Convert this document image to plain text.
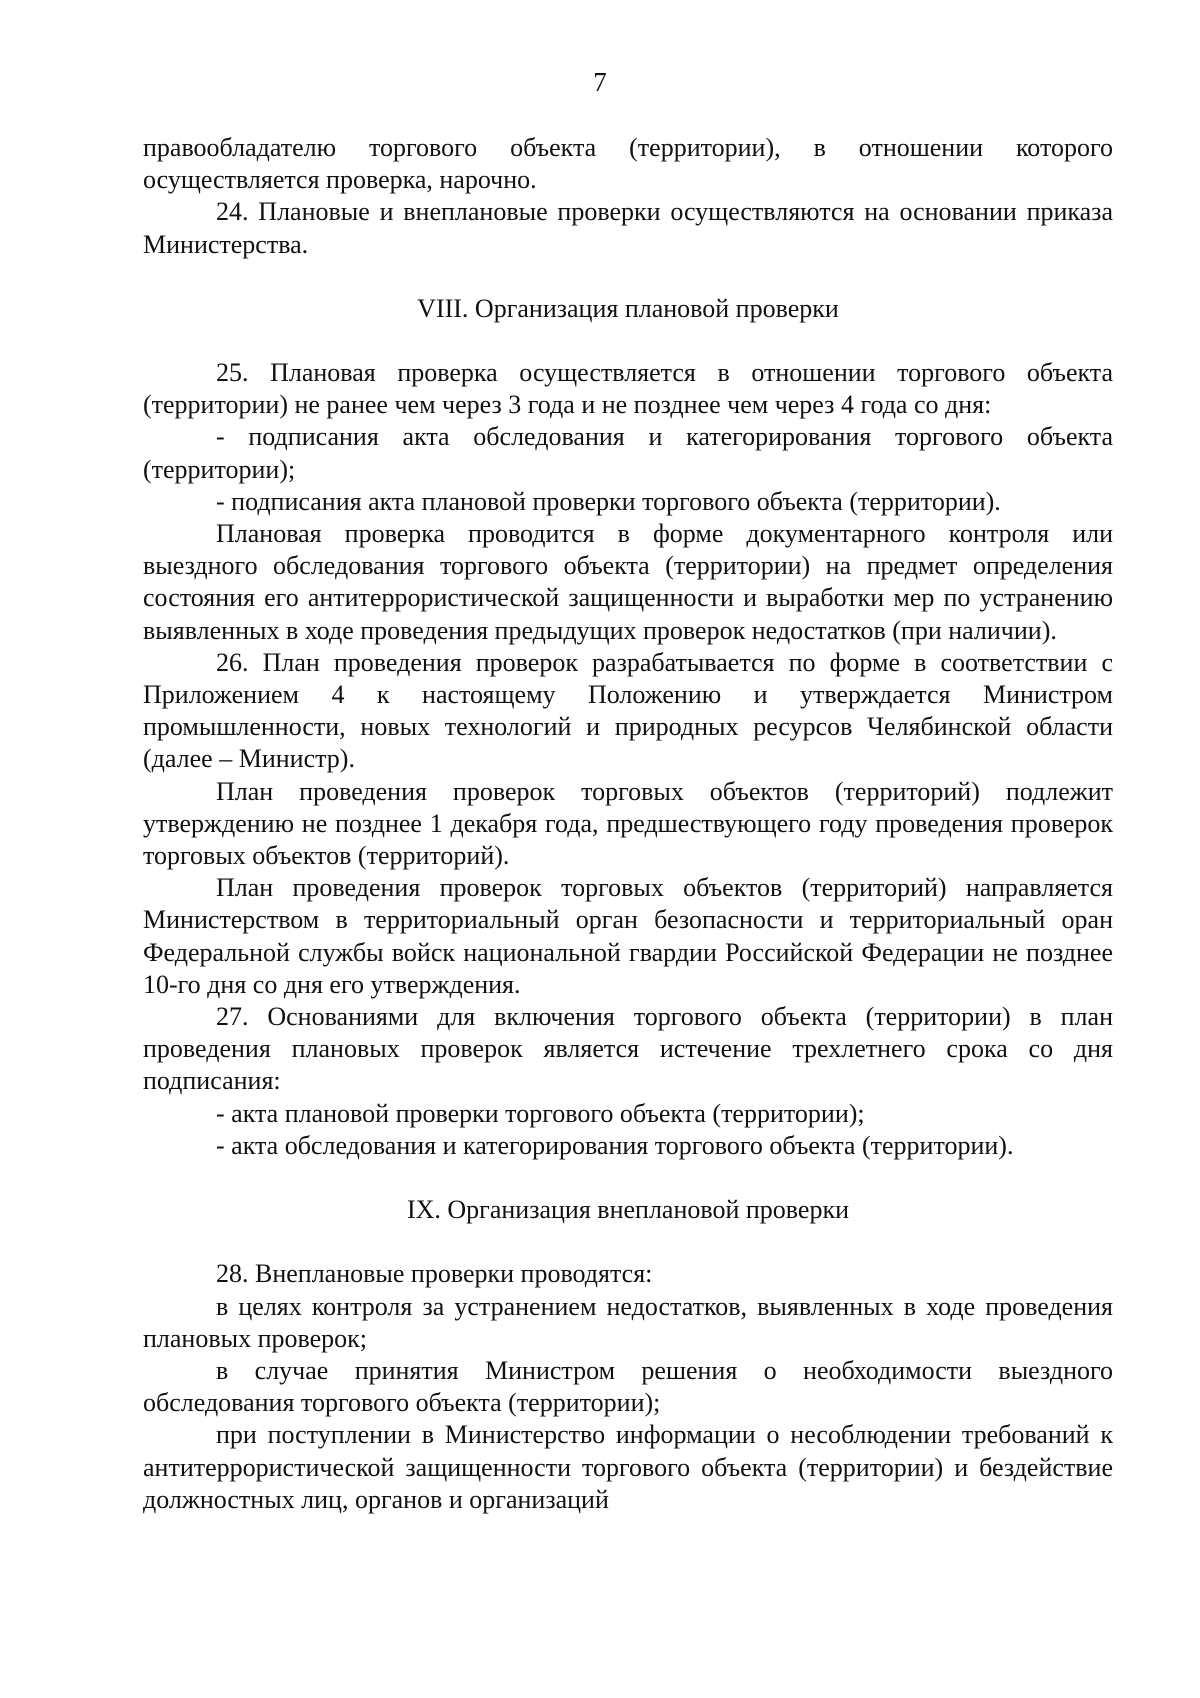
7

правообладателю торгового объекта (территории), в отношении которого осуществляется проверка, нарочно.

24. Плановые и внеплановые проверки осуществляются на основании приказа Министерства.

VIII. Организация плановой проверки

25. Плановая проверка осуществляется в отношении торгового объекта (территории) не ранее чем через 3 года и не позднее чем через 4 года со дня:

- подписания акта обследования и категорирования торгового объекта (территории);

- подписания акта плановой проверки торгового объекта (территории).

Плановая проверка проводится в форме документарного контроля или выездного обследования торгового объекта (территории) на предмет определения состояния его антитеррористической защищенности и выработки мер по устранению выявленных в ходе проведения предыдущих проверок недостатков (при наличии).

26. План проведения проверок разрабатывается по форме в соответствии с Приложением 4 к настоящему Положению и утверждается Министром промышленности, новых технологий и природных ресурсов Челябинской области (далее – Министр).

План проведения проверок торговых объектов (территорий) подлежит утверждению не позднее 1 декабря года, предшествующего году проведения проверок торговых объектов (территорий).

План проведения проверок торговых объектов (территорий) направляется Министерством в территориальный орган безопасности и территориальный оран Федеральной службы войск национальной гвардии Российской Федерации не позднее 10-го дня со дня его утверждения.

27. Основаниями для включения торгового объекта (территории) в план проведения плановых проверок является истечение трехлетнего срока со дня подписания:

- акта плановой проверки торгового объекта (территории);

- акта обследования и категорирования торгового объекта (территории).

IX. Организация внеплановой проверки

28. Внеплановые проверки проводятся:

в целях контроля за устранением недостатков, выявленных в ходе проведения плановых проверок;

в случае принятия Министром решения о необходимости выездного обследования торгового объекта (территории);

при поступлении в Министерство информации о несоблюдении требований к антитеррористической защищенности торгового объекта (территории) и бездействие должностных лиц, органов и организаций
